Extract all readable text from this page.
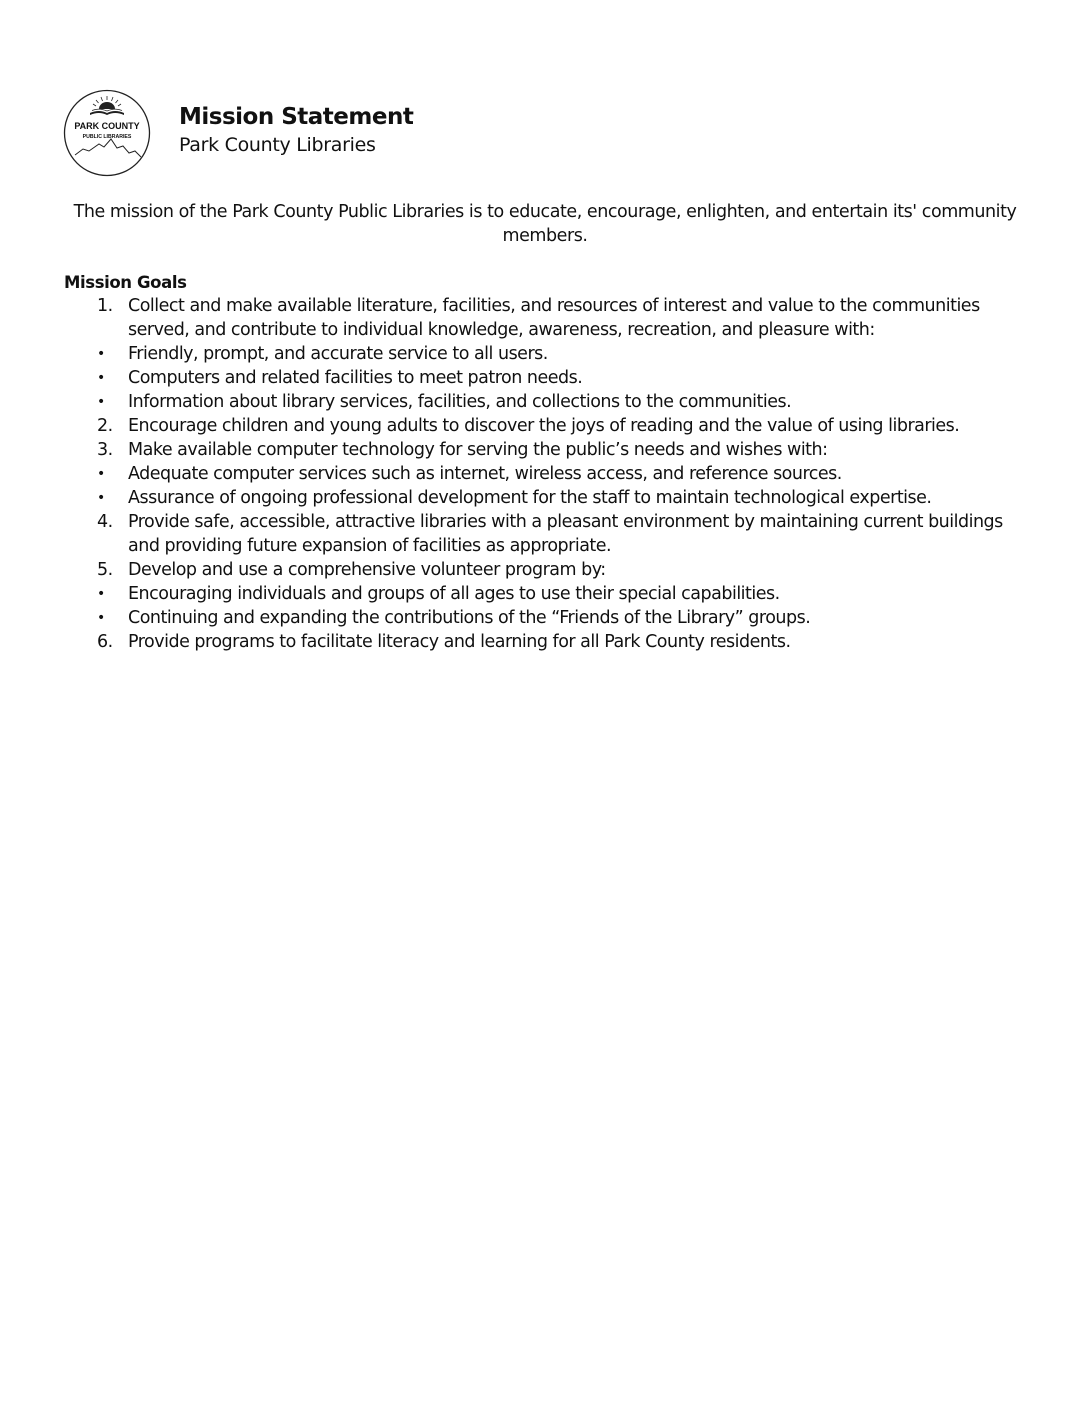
PARK COUNTY
PUBLIC LIBRARIES
Mission Statement
Park County Libraries
The mission of the Park County Public Libraries is to educate, encourage, enlighten, and entertain its' community members.
Mission Goals
1. Collect and make available literature, facilities, and resources of interest and value to the communities served, and contribute to individual knowledge, awareness, recreation, and pleasure with:
• Friendly, prompt, and accurate service to all users.
• Computers and related facilities to meet patron needs.
• Information about library services, facilities, and collections to the communities.
2. Encourage children and young adults to discover the joys of reading and the value of using libraries.
3. Make available computer technology for serving the public’s needs and wishes with:
• Adequate computer services such as internet, wireless access, and reference sources.
• Assurance of ongoing professional development for the staff to maintain technological expertise.
4. Provide safe, accessible, attractive libraries with a pleasant environment by maintaining current buildings and providing future expansion of facilities as appropriate.
5. Develop and use a comprehensive volunteer program by:
• Encouraging individuals and groups of all ages to use their special capabilities.
• Continuing and expanding the contributions of the “Friends of the Library” groups.
6. Provide programs to facilitate literacy and learning for all Park County residents.
